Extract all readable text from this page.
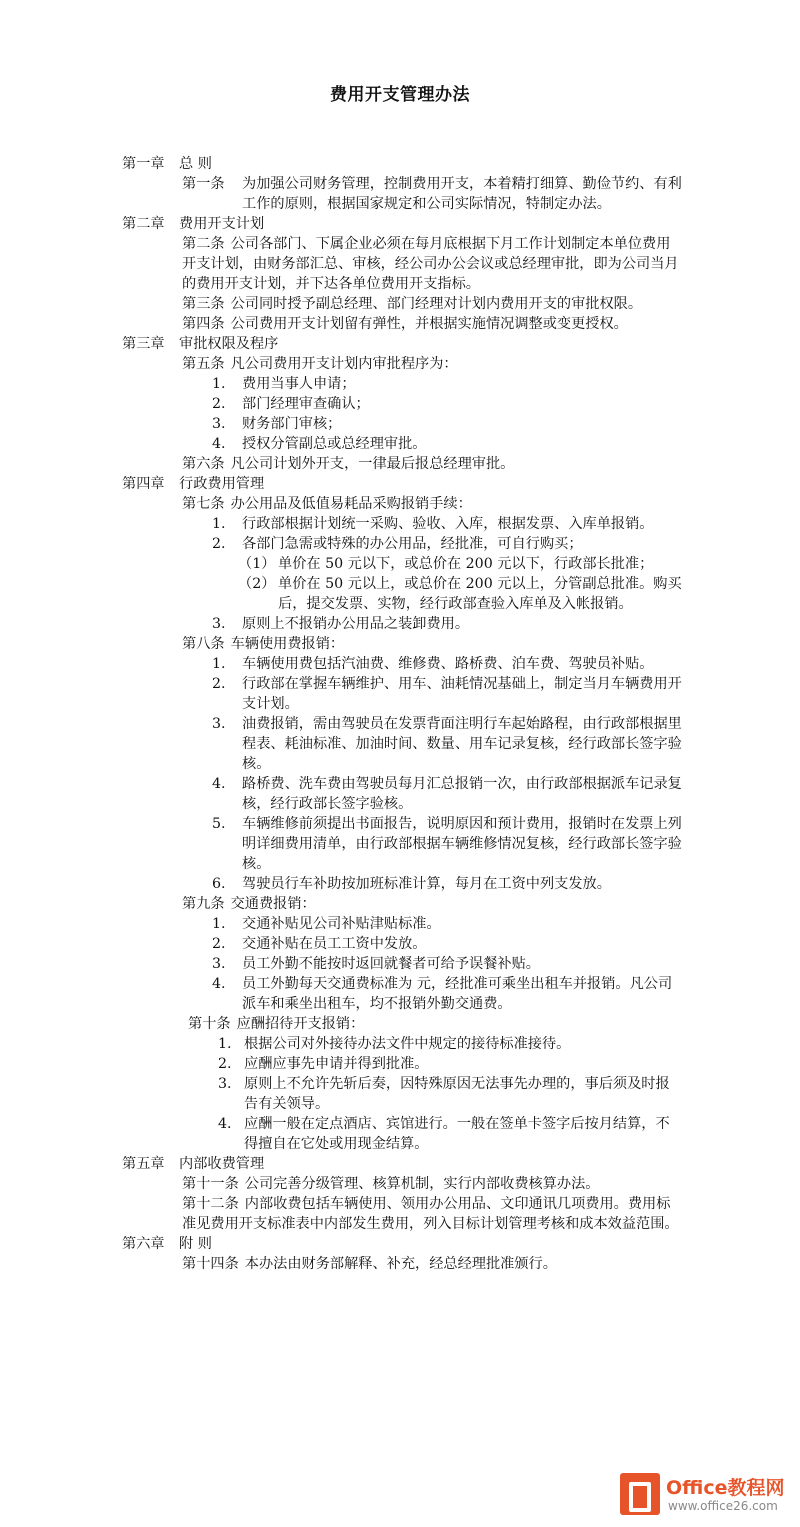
费用开支管理办法
第一章 总 则
第一条 为加强公司财务管理，控制费用开支，本着精打细算、勤俭节约、有利工作的原则，根据国家规定和公司实际情况，特制定办法。
第二章 费用开支计划
第二条 公司各部门、下属企业必须在每月底根据下月工作计划制定本单位费用开支计划，由财务部汇总、审核，经公司办公会议或总经理审批，即为公司当月的费用开支计划，并下达各单位费用开支指标。
第三条 公司同时授予副总经理、部门经理对计划内费用开支的审批权限。
第四条 公司费用开支计划留有弹性，并根据实施情况调整或变更授权。
第三章 审批权限及程序
第五条 凡公司费用开支计划内审批程序为：
1. 费用当事人申请；
2. 部门经理审查确认；
3. 财务部门审核；
4. 授权分管副总或总经理审批。
第六条 凡公司计划外开支，一律最后报总经理审批。
第四章 行政费用管理
第七条 办公用品及低值易耗品采购报销手续：
1. 行政部根据计划统一采购、验收、入库，根据发票、入库单报销。
2. 各部门急需或特殊的办公用品，经批准，可自行购买；
（1） 单价在 50 元以下，或总价在 200 元以下，行政部长批准；
（2） 单价在 50 元以上，或总价在 200 元以上，分管副总批准。购买后，提交发票、实物，经行政部查验入库单及入帐报销。
3. 原则上不报销办公用品之装卸费用。
第八条 车辆使用费报销：
1. 车辆使用费包括汽油费、维修费、路桥费、泊车费、驾驶员补贴。
2. 行政部在掌握车辆维护、用车、油耗情况基础上，制定当月车辆费用开支计划。
3. 油费报销，需由驾驶员在发票背面注明行车起始路程，由行政部根据里程表、耗油标准、加油时间、数量、用车记录复核，经行政部长签字验核。
4. 路桥费、洗车费由驾驶员每月汇总报销一次，由行政部根据派车记录复核，经行政部长签字验核。
5. 车辆维修前须提出书面报告，说明原因和预计费用，报销时在发票上列明详细费用清单，由行政部根据车辆维修情况复核，经行政部长签字验核。
6. 驾驶员行车补助按加班标准计算，每月在工资中列支发放。
第九条 交通费报销：
1. 交通补贴见公司补贴津贴标准。
2. 交通补贴在员工工资中发放。
3. 员工外勤不能按时返回就餐者可给予误餐补贴。
4. 员工外勤每天交通费标准为 元，经批准可乘坐出租车并报销。凡公司派车和乘坐出租车，均不报销外勤交通费。
第十条 应酬招待开支报销：
1. 根据公司对外接待办法文件中规定的接待标准接待。
2. 应酬应事先申请并得到批准。
3. 原则上不允许先斩后奏，因特殊原因无法事先办理的，事后须及时报告有关领导。
4. 应酬一般在定点酒店、宾馆进行。一般在签单卡签字后按月结算，不得擅自在它处或用现金结算。
第五章 内部收费管理
第十一条 公司完善分级管理、核算机制，实行内部收费核算办法。
第十二条 内部收费包括车辆使用、领用办公用品、文印通讯几项费用。费用标准见费用开支标准表中内部发生费用，列入目标计划管理考核和成本效益范围。
第六章 附 则
第十四条 本办法由财务部解释、补充，经总经理批准颁行。
Office教程网
www.office26.com
